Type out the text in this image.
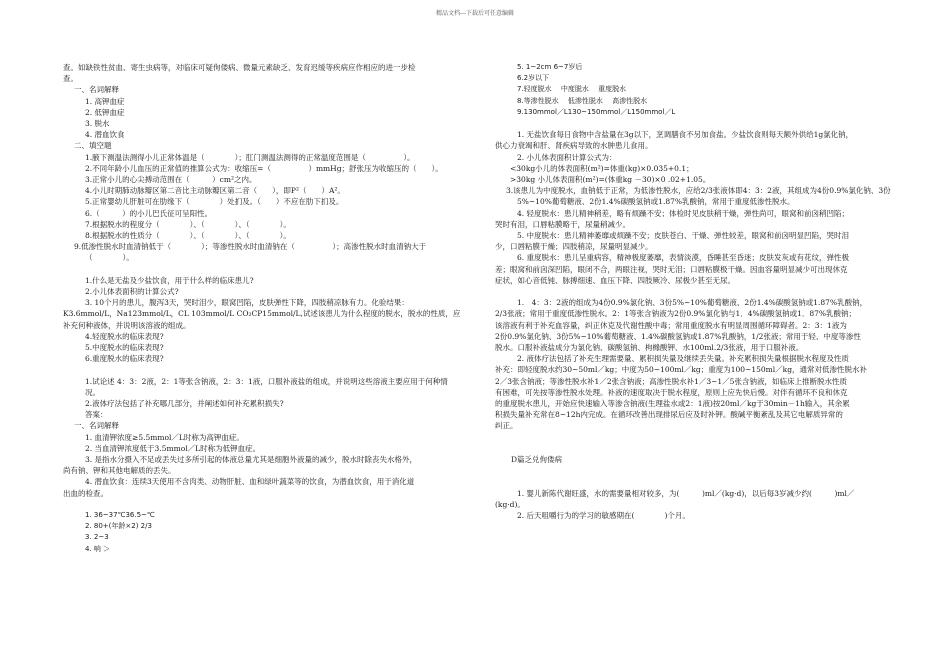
精品文档---下载后可任意编辑

查。如缺铁性贫血、寄生虫病等，对临床可疑佝偻病、微量元素缺乏、发育迟缓等疾病应作相应的进一步检

查。

一、名词解释

1. 高钾血症

2. 低钾血症

3. 脱水

4. 潜血饮食

二、填空题

1.腋下测温法测得小儿正常体温是（　　　　）；肛门测温法测得的正常温度范围是（　　　　　）。

2.不同年龄小儿血压的正常值的推算公式为：收缩压=（　　　　　）mmHg；舒张压为收缩压的（　　）。

3.正常小儿的心尖搏动范围在（　　　）cm²之内。

4.小儿时期肺动脉瓣区第二音比主动脉瓣区第二音（　　），即P²（　　）A²。

5.正常婴幼儿肝脏可在肋缘下（　　　　）处扪及。（　　）不应在肋下扪及。

6.（　　　）的小儿巴氏征可呈阳性。

7.根据脱水的程度分（　　　　）、（　　　　）、（　　　　）。

8.根据脱水的性质分（　　　　）、（　　　　）、（　　　　）。

9.低渗性脱水时血清钠低于（　　　　）；等渗性脱水时血清钠在（　　　　　）；高渗性脱水时血清钠大于（　　　　）。

1.什么是无盐及少盐饮食，用于什么样的临床患儿?

2.小儿体表面积的计算公式?

3. 10个月的患儿，腹泻3天，哭时泪少，眼窝凹陷，皮肤弹性下降，四肢稍凉脉有力。化验结果：

K3.6mmol/L，Na123mmol/L，CL 103mmol/L CO₂CP15mmol/L,试述该患儿为什么程度的脱水，脱水的性质，应补充何种液体，并说明该溶液的组成。

4.轻度脱水的临床表现?

5.中度脱水的临床表现?

6.重度脱水的临床表现?

1.试论述 4：3：2液，2：1等张含钠液，2：3：1液，口服补液盐的组成，并说明这些溶液主要应用于何种情况。

2.液体疗法包括了补充哪几部分，并阐述如何补充累积损失?

答案：

一、名词解释

1. 血清钾浓度≥5.5mmol／L时称为高钾血症。

2. 当血清钾浓度低于3.5mmol／L时称为低钾血症。

3. 是指水分摄入不足或丢失过多所引起的体液总量尤其是细胞外液量的减少，脱水时除丧失水格外，

尚有钠、钾和其他电解质的丢失。

4. 潜血饮食：连续3天使用不含肉类、动物肝脏、血和绿叶蔬菜等的饮食，为潜血饮食，用于消化道

出血的检查。

1. 36~37℃36.5~℃

2. 80+(年龄×2) 2/3

3. 2~3

4. 响 ＞

5. 1~2cm 6~7岁后

6.2岁以下

7.轻度脱水　 中度脱水　 重度脱水

8.等渗性脱水　 低渗性脱水　 高渗性脱水

9.130mmol／L130~150mmol／L150mmol／L

1. 无盐饮食每日食物中含盐量在3g以下，烹调膳食不另加食盐。少盐饮食则每天额外供给1g氯化钠，

供心力衰竭和肝、肾疾病导致的水肿患儿食用。

2. 小儿体表面积计算公式为：

<30kg小儿的体表面积(m²)=体重(kg)×0.035+0.1；

>30kg 小儿体表面积(m²)=(体重kg －30)×0 .02+1.05。

3.该患儿为中度脱水，血钠低于正常，为低渗性脱水，应给2/3张液体即4：3：2液，其组成为4份0.9%氯化钠、3份5%~10%葡萄糖液、2份1.4%碳酸氢钠或1.87%乳酸钠，常用于重度低渗性脱水。

4. 轻度脱水：患儿精神稍差，略有烦躁不安；体检时见皮肤稍干燥，弹性尚可，眼窝和前囟稍凹陷；

哭时有泪，口唇粘膜略干，尿量稍减少。

5. 中度脱水：患儿精神萎靡或烦躁不安；皮肤苍白、干燥、弹性较差，眼窝和前囟明显凹陷，哭时泪

少，口唇粘膜干燥；四肢稍凉，尿量明显减少。

6. 重度脱水：患儿呈重病容，精神极度萎靡，表情淡漠，昏睡甚至昏迷；皮肤发灰或有花纹，弹性极

差；眼窝和前囟深凹陷，眼闭不合，两眼注视，哭时无泪；口唇粘膜极干燥。因血容量明显减少可出现休克

症状，如心音低钝、脉搏细速、血压下降、四肢厥冷、尿极少甚至无尿。

1.　4：3：2液的组成为4份0.9%氯化钠、3份5%~10%葡萄糖液、2份1.4%碳酸氢钠或1.87%乳酸钠，

2/3张液；常用于重度低渗性脱水。2：1等张含钠液为2份0.9%氯化钠与1．4%碳酸氢钠或1．87%乳酸钠；

该溶液有利于补充血容量，纠正休克及代谢性酸中毒；常用重度脱水有明显周围循环障碍者。2：3：1液为

2份0.9%氯化钠、3份5%~10%葡萄糖液、1.4%碳酸氢钠或1.87%乳酸钠，1/2张液；常用于轻、中度等渗性

脱水。口服补液盐成分为氯化钠、碳酸氢钠、枸橼酸钾、水100ml.2/3张液，用于口服补液。

2. 液体疗法包括了补充生理需要量、累积损失量及继续丢失量。补充累积损失量根据脱水程度及性质

补充：即轻度脱水约30~50ml／kg；中度为50~100ml／kg；重度为100~150ml／kg，通常对低渗性脱水补

2／3张含钠液；等渗性脱水补1／2张含钠液；高渗性脱水补1／3~1／5张含钠液，如临床上推断脱水性质

有困难，可先按等渗性脱水处理。补液的速度取决于脱水程度，原则上应先快后慢。对伴有循环不良和休克

的重度脱水患儿，开始应快速输入等渗含钠液(生理盐水或2：1液)按20ml／kg于30min－1h输入，其余累

积损失量补充常在8~12h内完成。在循环改善出现排尿后应及时补钾。酸碱平衡紊乱及其它电解质异常的

纠正。

D篇乏兑佝偻病

1. 婴儿新陈代谢旺盛，水的需要量相对较多，为(　　　)ml／(kg·d)，以后每3岁减少约(　　　)ml／

(kg·d)。

2. 后天咀嚼行为的学习的敏感期在(　　　　)个月。
